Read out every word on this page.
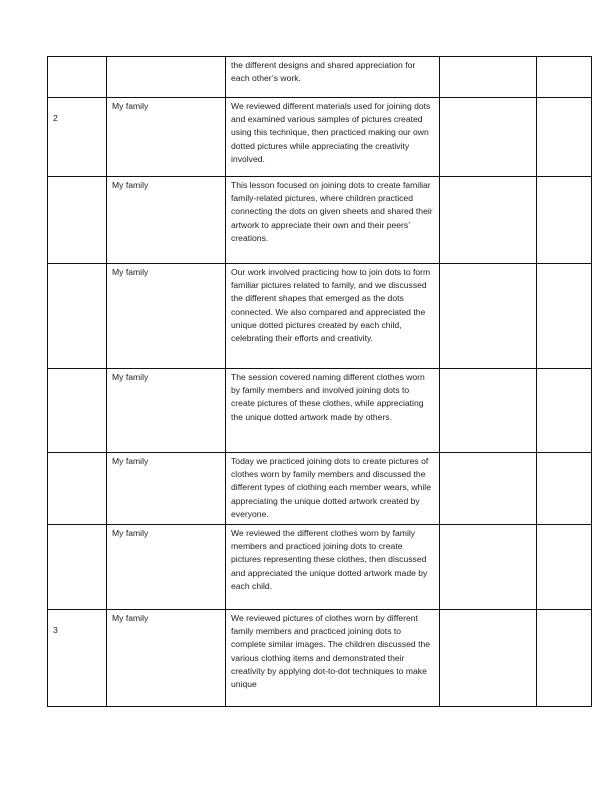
		the different designs and shared appreciation for each other’s work.		

2	My family	We reviewed different materials used for joining dots and examined various samples of pictures created using this technique, then practiced making our own dotted pictures while appreciating the creativity involved.		

	My family	This lesson focused on joining dots to create familiar family-related pictures, where children practiced connecting the dots on given sheets and shared their artwork to appreciate their own and their peers’ creations.		

	My family	Our work involved practicing how to join dots to form familiar pictures related to family, and we discussed the different shapes that emerged as the dots connected. We also compared and appreciated the unique dotted pictures created by each child, celebrating their efforts and creativity.		

	My family	The session covered naming different clothes worn by family members and involved joining dots to create pictures of these clothes, while appreciating the unique dotted artwork made by others.		

	My family	Today we practiced joining dots to create pictures of clothes worn by family members and discussed the different types of clothing each member wears, while appreciating the unique dotted artwork created by everyone.		

	My family	We reviewed the different clothes worn by family members and practiced joining dots to create pictures representing these clothes, then discussed and appreciated the unique dotted artwork made by each child.		

3	My family	We reviewed pictures of clothes worn by different family members and practiced joining dots to complete similar images. The children discussed the various clothing items and demonstrated their creativity by applying dot-to-dot techniques to make unique		
